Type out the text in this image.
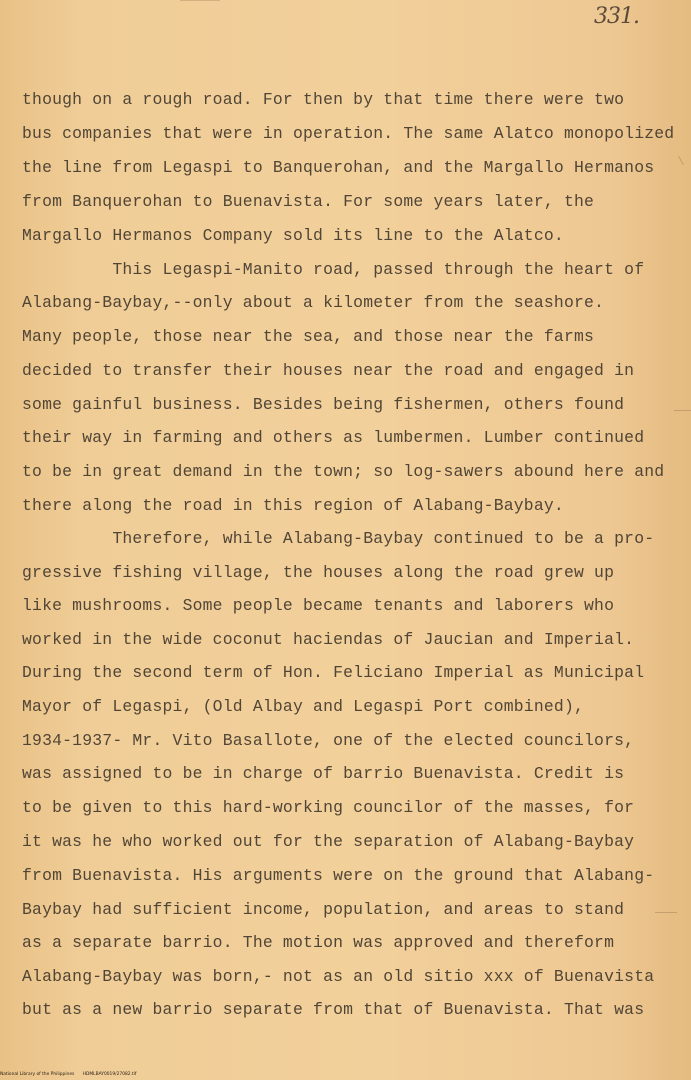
331.
though on a rough road. For then by that time there were two
bus companies that were in operation. The same Alatco monopolized
the line from Legaspi to Banquerohan, and the Margallo Hermanos
from Banquerohan to Buenavista. For some years later, the
Margallo Hermanos Company sold its line to the Alatco.
This Legaspi-Manito road, passed through the heart of
Alabang-Baybay,--only about a kilometer from the seashore.
Many people, those near the sea, and those near the farms
decided to transfer their houses near the road and engaged in
some gainful business. Besides being fishermen, others found
their way in farming and others as lumbermen. Lumber continued
to be in great demand in the town; so log-sawers abound here and
there along the road in this region of Alabang-Baybay.
Therefore, while Alabang-Baybay continued to be a pro-
gressive fishing village, the houses along the road grew up
like mushrooms. Some people became tenants and laborers who
worked in the wide coconut haciendas of Jaucian and Imperial.
During the second term of Hon. Feliciano Imperial as Municipal
Mayor of Legaspi, (Old Albay and Legaspi Port combined),
1934-1937- Mr. Vito Basallote, one of the elected councilors,
was assigned to be in charge of barrio Buenavista. Credit is
to be given to this hard-working councilor of the masses, for
it was he who worked out for the separation of Alabang-Baybay
from Buenavista. His arguments were on the ground that Alabang-
Baybay had sufficient income, population, and areas to stand
as a separate barrio. The motion was approved and thereform
Alabang-Baybay was born,- not as an old sitio xxx of Buenavista
but as a new barrio separate from that of Buenavista. That was
National Library of the Philippines      HDMLBAY0019/27082.tif
